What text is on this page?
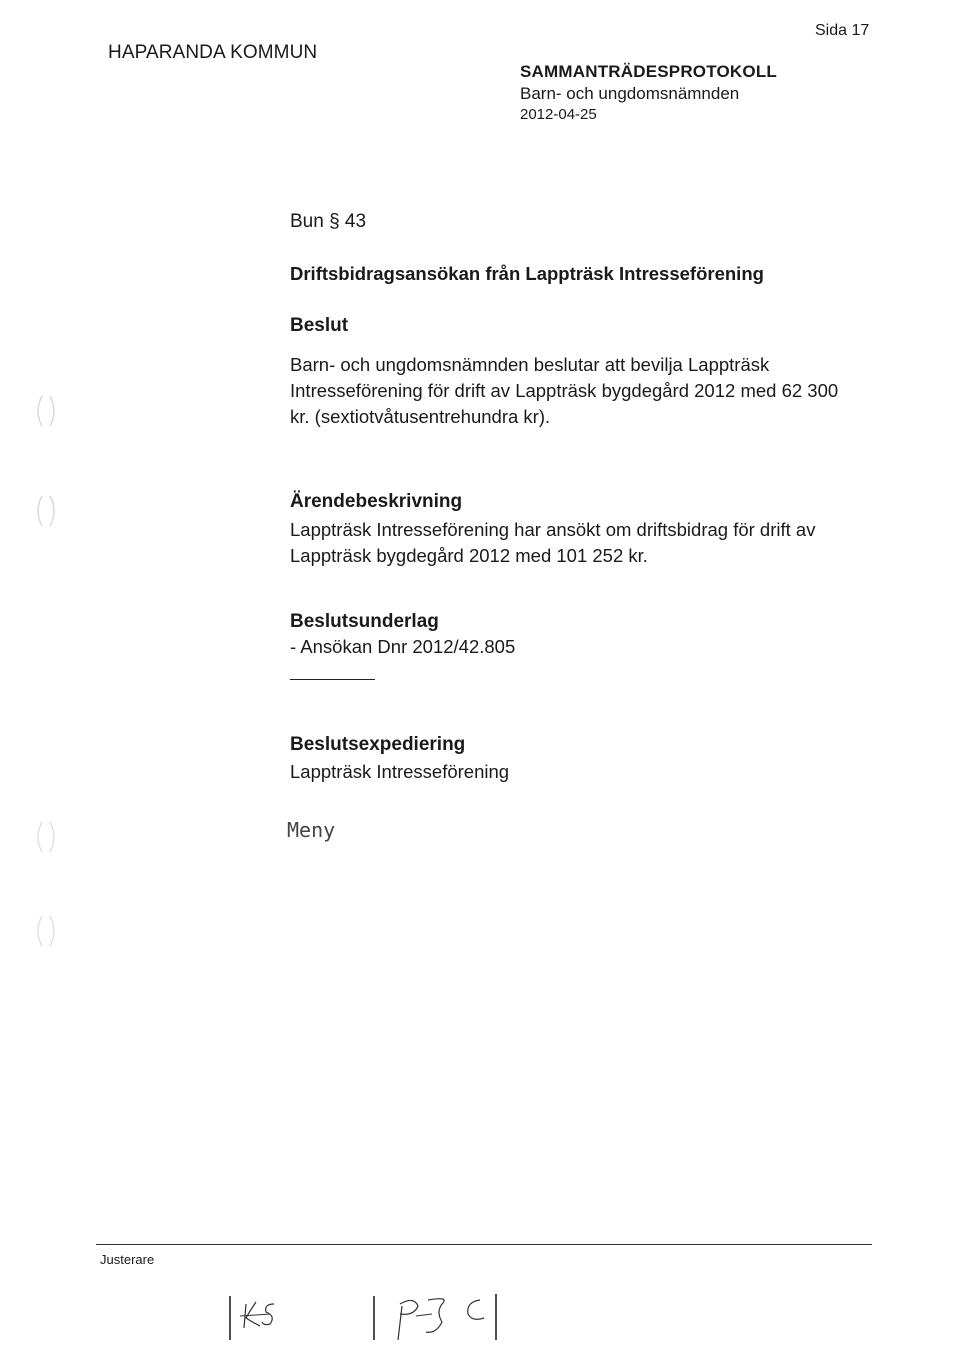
HAPARANDA KOMMUN
Sida 17
SAMMANTRÄDESPROTOKOLL
Barn- och ungdomsnämnden
2012-04-25
Bun § 43
Driftsbidragsansökan från Lappträsk Intresseförening
Beslut
Barn- och ungdomsnämnden beslutar att bevilja Lappträsk
Intresseförening för drift av Lappträsk bygdegård 2012 med 62 300
kr. (sextiotvåtusentrehundra kr).
Ärendebeskrivning
Lappträsk Intresseförening har ansökt om driftsbidrag för drift av
Lappträsk bygdegård 2012 med 101 252 kr.
Beslutsunderlag
- Ansökan Dnr 2012/42.805
Beslutsexpediering
Lappträsk Intresseförening
Meny
Justerare
